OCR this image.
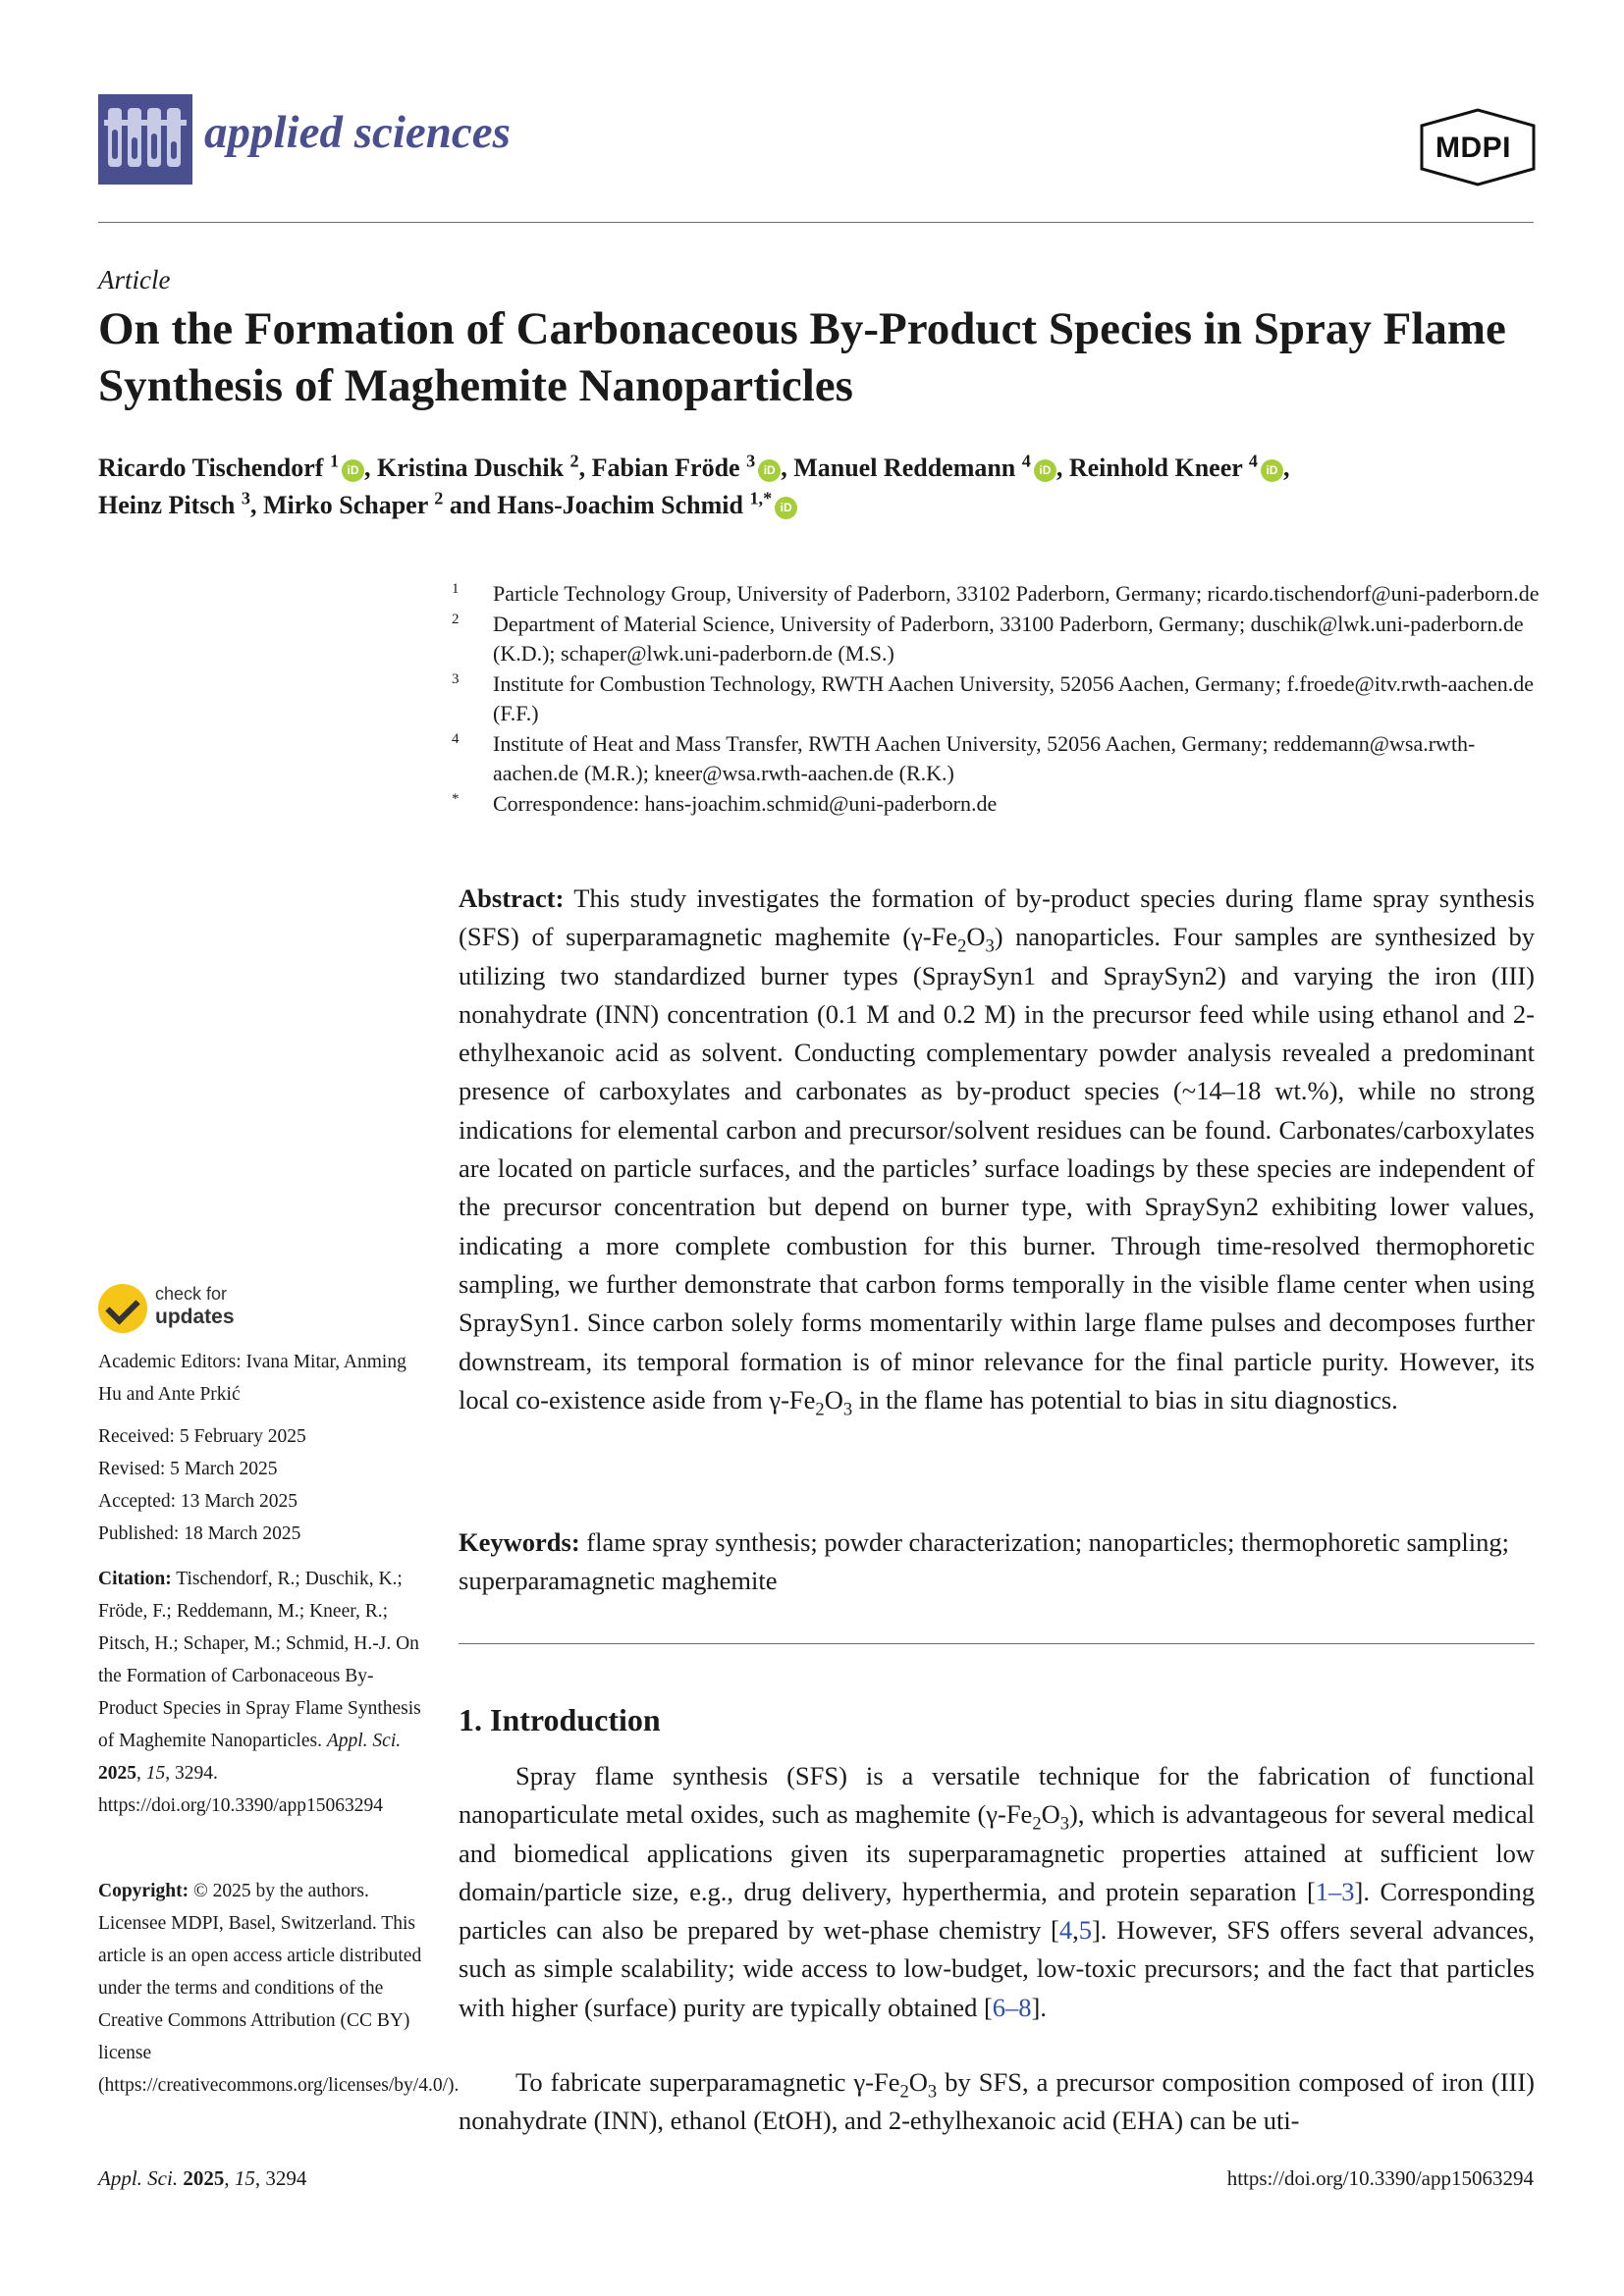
applied sciences	MDPI
Article
On the Formation of Carbonaceous By-Product Species in Spray Flame Synthesis of Maghemite Nanoparticles
Ricardo Tischendorf $^1$ iD , Kristina Duschik $^2$, Fabian Fröde $^3$ iD , Manuel Reddemann $^4$ iD , Reinhold Kneer $^4$ iD ,
Heinz Pitsch $^3$, Mirko Schaper $^2$ and Hans-Joachim Schmid $^{1,*}$ iD
1 Particle Technology Group, University of Paderborn, 33102 Paderborn, Germany; ricardo.tischendorf@uni-paderborn.de
2 Department of Material Science, University of Paderborn, 33100 Paderborn, Germany; duschik@lwk.uni-paderborn.de (K.D.); schaper@lwk.uni-paderborn.de (M.S.)
3 Institute for Combustion Technology, RWTH Aachen University, 52056 Aachen, Germany; f.froede@itv.rwth-aachen.de (F.F.)
4 Institute of Heat and Mass Transfer, RWTH Aachen University, 52056 Aachen, Germany; reddemann@wsa.rwth-aachen.de (M.R.); kneer@wsa.rwth-aachen.de (R.K.)
* Correspondence: hans-joachim.schmid@uni-paderborn.de

Abstract: This study investigates the formation of by-product species during flame spray synthesis (SFS) of superparamagnetic maghemite $(\gamma-Fe_2O_3)$ nanoparticles. Four samples are synthesized by utilizing two standardized burner types (SpraySyn1 and SpraySyn2) and varying the iron (III) nonahydrate (INN) concentration (0.1 M and 0.2 M) in the precursor feed while using ethanol and 2-ethylhexanoic acid as solvent. Conducting complementary powder analysis revealed a predominant presence of carboxylates and carbonates as by-product species (~14–18 wt.%), while no strong indications for elemental carbon and precursor/solvent residues can be found. Carbonates/carboxylates are located on particle surfaces, and the particles’ surface loadings by these species are independent of the precursor concentration but depend on burner type, with SpraySyn2 exhibiting lower values, indicating a more complete combustion for this burner. Through time-resolved thermophoretic sampling, we further demonstrate that carbon forms temporally in the visible flame center when using SpraySyn1. Since carbon solely forms momentarily within large flame pulses and decomposes further downstream, its temporal formation is of minor relevance for the final particle purity. However, its local co-existence aside from $\gamma-Fe_2O_3$ in the flame has potential to bias in situ diagnostics.

Keywords: flame spray synthesis; powder characterization; nanoparticles; thermophoretic sampling; superparamagnetic maghemite

1. Introduction

Spray flame synthesis (SFS) is a versatile technique for the fabrication of functional nanoparticulate metal oxides, such as maghemite $(\gamma-Fe_2O_3)$, which is advantageous for several medical and biomedical applications given its superparamagnetic properties attained at sufficient low domain/particle size, e.g., drug delivery, hyperthermia, and protein separation [1–3]. Corresponding particles can also be prepared by wet-phase chemistry [4,5]. However, SFS offers several advances, such as simple scalability; wide access to low-budget, low-toxic precursors; and the fact that particles with higher (surface) purity are typically obtained [6–8].

To fabricate superparamagnetic $\gamma-Fe_2O_3$ by SFS, a precursor composition composed of iron (III) nonahydrate (INN), ethanol (EtOH), and 2-ethylhexanoic acid (EHA) can be uti-

check for
updates
Academic Editors: Ivana Mitar, Anming Hu and Ante Prkić
Received: 5 February 2025
Revised: 5 March 2025
Accepted: 13 March 2025
Published: 18 March 2025
Citation: Tischendorf, R.; Duschik, K.; Fröde, F.; Reddemann, M.; Kneer, R.; Pitsch, H.; Schaper, M.; Schmid, H.-J. On the Formation of Carbonaceous By-Product Species in Spray Flame Synthesis of Maghemite Nanoparticles. Appl. Sci. 2025, 15, 3294. https://doi.org/10.3390/app15063294
Copyright: © 2025 by the authors. Licensee MDPI, Basel, Switzerland. This article is an open access article distributed under the terms and conditions of the Creative Commons Attribution (CC BY) license (https://creativecommons.org/licenses/by/4.0/).
Appl. Sci. 2025, 15, 3294	https://doi.org/10.3390/app15063294
